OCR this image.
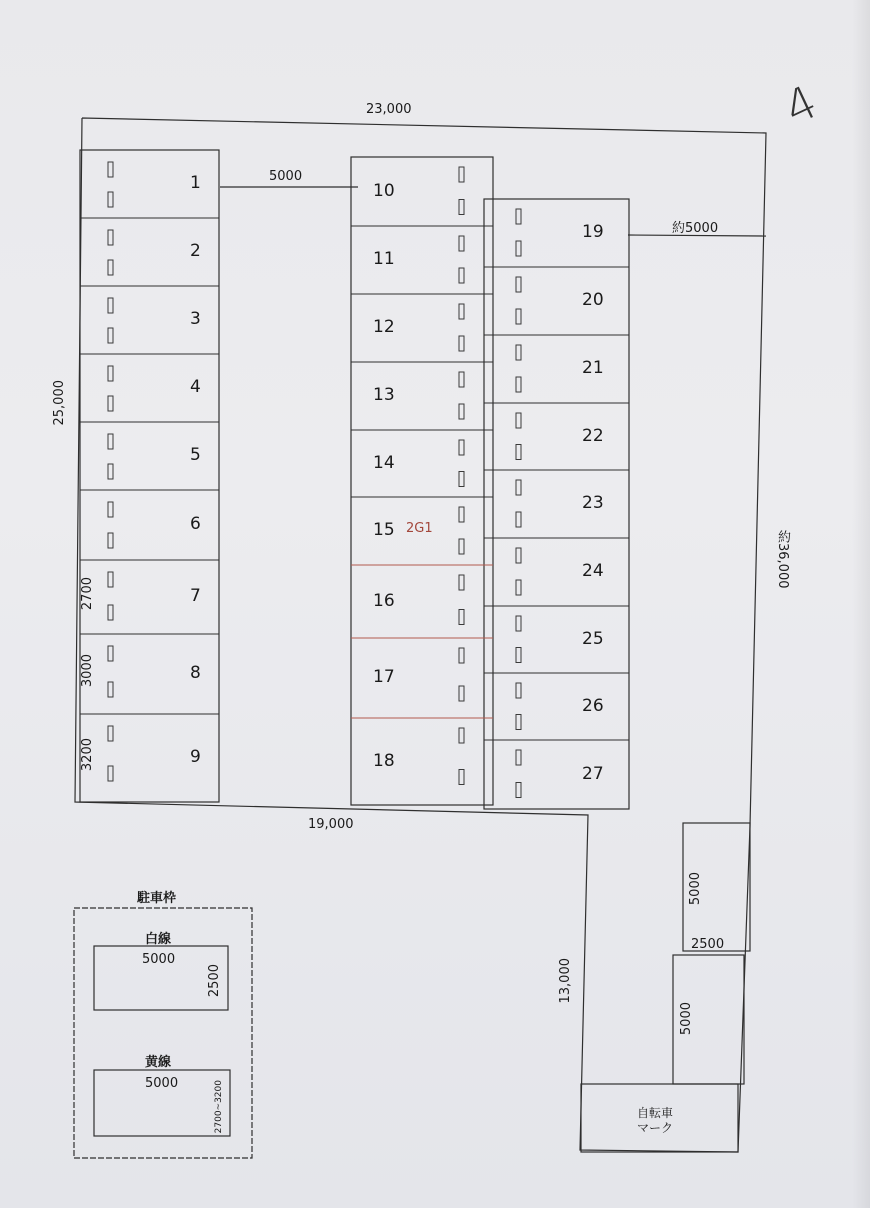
4
23,000
25,000
19,000
約36,000
13,000
5000
約5000
1
2
3
4
5
6
7
2700
8
3000
9
3200
10
11
12
13
14
15 2G1
16
17
18
19
20
21
22
23
24
25
26
27
5000
2500
5000
自転車
マーク
駐車枠
白線
5000
2500
黄線
5000	2700~3200
